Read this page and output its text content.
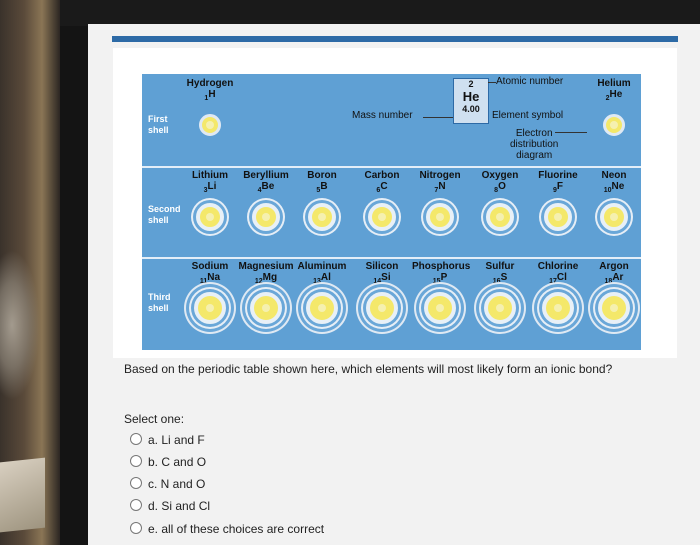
First
shell
Second
shell
Third
shell
Mass number
2
He
4.00
Atomic number
Element symbol
Electron
distribution
diagram
Hydrogen
$_1$H
Helium
$_2$He
Lithium
$_3$Li
Beryllium
$_4$Be
Boron
$_5$B
Carbon
$_6$C
Nitrogen
$_7$N
Oxygen
$_8$O
Fluorine
$_9$F
Neon
$_{10}$Ne
Sodium
$_{11}$Na
Magnesium
$_{12}$Mg
Aluminum
$_{13}$Al
Silicon
$_{14}$Si
Phosphorus
$_{15}$P
Sulfur
$_{16}$S
Chlorine
$_{17}$Cl
Argon
$_{18}$Ar
Based on the periodic table shown here, which elements will most likely form an ionic bond?
Select one:
a. Li and F
b. C and O
c. N and O
d. Si and Cl
e. all of these choices are correct
